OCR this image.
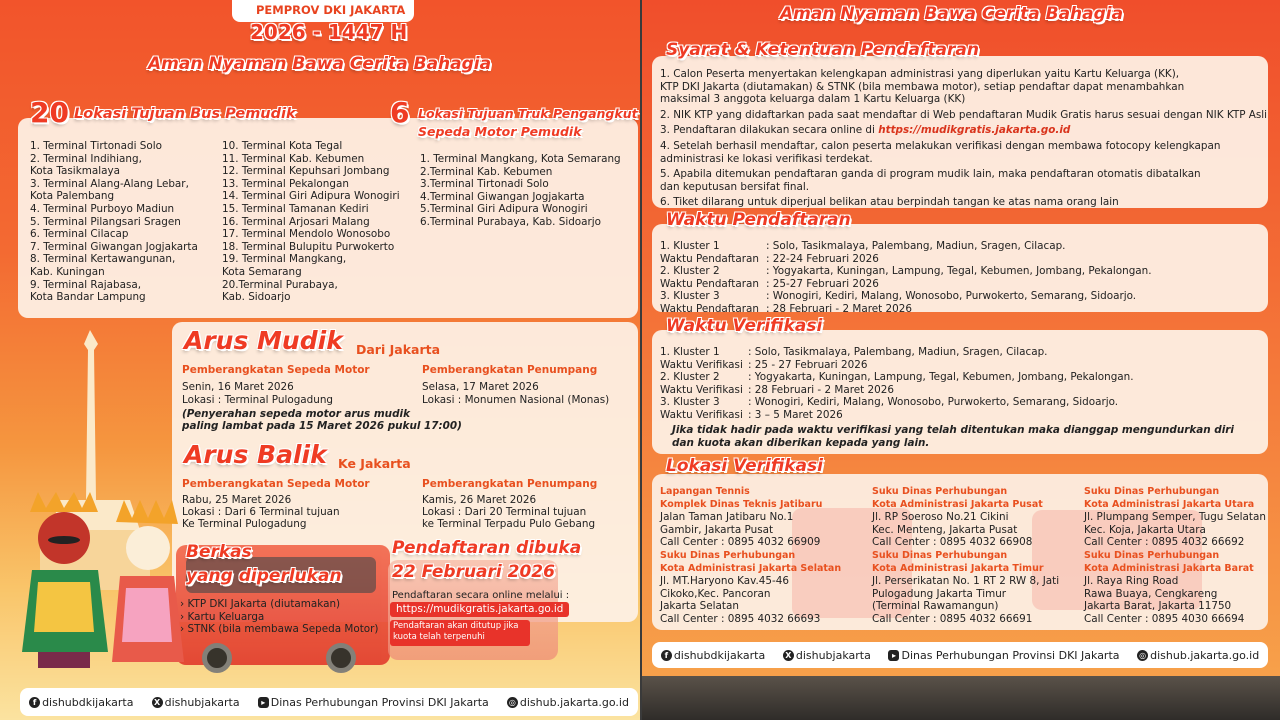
PEMPROV DKI JAKARTA
2026 - 1447 H
Aman Nyaman Bawa Cerita Bahagia
20 Lokasi Tujuan Bus Pemudik
1. Terminal Tirtonadi Solo
2. Terminal Indihiang,
Kota Tasikmalaya
3. Terminal Alang-Alang Lebar,
Kota Palembang
4. Terminal Purboyo Madiun
5. Terminal Pilangsari Sragen
6. Terminal Cilacap
7. Terminal Giwangan Jogjakarta
8. Terminal Kertawangunan,
Kab. Kuningan
9. Terminal Rajabasa,
Kota Bandar Lampung
10. Terminal Kota Tegal
11. Terminal Kab. Kebumen
12. Terminal Kepuhsari Jombang
13. Terminal Pekalongan
14. Terminal Giri Adipura Wonogiri
15. Terminal Tamanan Kediri
16. Terminal Arjosari Malang
17. Terminal Mendolo Wonosobo
18. Terminal Bulupitu Purwokerto
19. Terminal Mangkang,
Kota Semarang
20.Terminal Purabaya,
Kab. Sidoarjo
6 Lokasi Tujuan Truk Pengangkut
Sepeda Motor Pemudik
1. Terminal Mangkang, Kota Semarang
2.Terminal Kab. Kebumen
3.Terminal Tirtonadi Solo
4.Terminal Giwangan Jogjakarta
5.Terminal Giri Adipura Wonogiri
6.Terminal Purabaya, Kab. Sidoarjo
Arus Mudik Dari Jakarta
Pemberangkatan Sepeda Motor
Senin, 16 Maret 2026
Lokasi : Terminal Pulogadung
(Penyerahan sepeda motor arus mudik
paling lambat pada 15 Maret 2026 pukul 17:00)
Pemberangkatan Penumpang
Selasa, 17 Maret 2026
Lokasi : Monumen Nasional (Monas)
Arus Balik Ke Jakarta
Pemberangkatan Sepeda Motor
Rabu, 25 Maret 2026
Lokasi : Dari 6 Terminal tujuan
Ke Terminal Pulogadung
Pemberangkatan Penumpang
Kamis, 26 Maret 2026
Lokasi : Dari 20 Terminal tujuan
ke Terminal Terpadu Pulo Gebang
Berkas
yang diperlukan
› KTP DKI Jakarta (diutamakan)
› Kartu Keluarga
› STNK (bila membawa Sepeda Motor)
Pendaftaran dibuka
22 Februari 2026
Pendaftaran secara online melalui :
https://mudikgratis.jakarta.go.id
Pendaftaran akan ditutup jika
kuota telah terpenuhi
f dishubdkijakarta	X dishubjakarta	▸ Dinas Perhubungan Provinsi DKI Jakarta	◎ dishub.jakarta.go.id
Aman Nyaman Bawa Cerita Bahagia
Syarat & Ketentuan Pendaftaran
1. Calon Peserta menyertakan kelengkapan administrasi yang diperlukan yaitu Kartu Keluarga (KK),
KTP DKI Jakarta (diutamakan) & STNK (bila membawa motor), setiap pendaftar dapat menambahkan
maksimal 3 anggota keluarga dalam 1 Kartu Keluarga (KK)
2. NIK KTP yang didaftarkan pada saat mendaftar di Web pendaftaran Mudik Gratis harus sesuai dengan NIK KTP Asli
3. Pendaftaran dilakukan secara online di https://mudikgratis.jakarta.go.id
4. Setelah berhasil mendaftar, calon peserta melakukan verifikasi dengan membawa fotocopy kelengkapan
administrasi ke lokasi verifikasi terdekat.
5. Apabila ditemukan pendaftaran ganda di program mudik lain, maka pendaftaran otomatis dibatalkan
dan keputusan bersifat final.
6. Tiket dilarang untuk diperjual belikan atau berpindah tangan ke atas nama orang lain
Waktu Pendaftaran
1. Kluster 1	: Solo, Tasikmalaya, Palembang, Madiun, Sragen, Cilacap.
Waktu Pendaftaran : 22-24 Februari 2026
2. Kluster 2	: Yogyakarta, Kuningan, Lampung, Tegal, Kebumen, Jombang, Pekalongan.
Waktu Pendaftaran : 25-27 Februari 2026
3. Kluster 3	: Wonogiri, Kediri, Malang, Wonosobo, Purwokerto, Semarang, Sidoarjo.
Waktu Pendaftaran : 28 Februari - 2 Maret 2026
Waktu Verifikasi
1. Kluster 1	: Solo, Tasikmalaya, Palembang, Madiun, Sragen, Cilacap.
Waktu Verifikasi : 25 - 27 Februari 2026
2. Kluster 2	: Yogyakarta, Kuningan, Lampung, Tegal, Kebumen, Jombang, Pekalongan.
Waktu Verifikasi : 28 Februari - 2 Maret 2026
3. Kluster 3	: Wonogiri, Kediri, Malang, Wonosobo, Purwokerto, Semarang, Sidoarjo.
Waktu Verifikasi : 3 – 5 Maret 2026
Jika tidak hadir pada waktu verifikasi yang telah ditentukan maka dianggap mengundurkan diri
dan kuota akan diberikan kepada yang lain.
Lokasi Verifikasi
Lapangan Tennis
Komplek Dinas Teknis Jatibaru
Jalan Taman Jatibaru No.1
Gambir, Jakarta Pusat
Call Center : 0895 4032 66909
Suku Dinas Perhubungan
Kota Administrasi Jakarta Pusat
Jl. RP Soeroso No.21 Cikini
Kec. Menteng, Jakarta Pusat
Call Center : 0895 4032 66908
Suku Dinas Perhubungan
Kota Administrasi Jakarta Utara
Jl. Plumpang Semper, Tugu Selatan
Kec. Koja, Jakarta Utara
Call Center : 0895 4032 66692
Suku Dinas Perhubungan
Kota Administrasi Jakarta Selatan
Jl. MT.Haryono Kav.45-46
Cikoko,Kec. Pancoran
Jakarta Selatan
Call Center : 0895 4032 66693
Suku Dinas Perhubungan
Kota Administrasi Jakarta Timur
Jl. Perserikatan No. 1 RT 2 RW 8, Jati
Pulogadung Jakarta Timur
(Terminal Rawamangun)
Call Center : 0895 4032 66691
Suku Dinas Perhubungan
Kota Administrasi Jakarta Barat
Jl. Raya Ring Road
Rawa Buaya, Cengkareng
Jakarta Barat, Jakarta 11750
Call Center : 0895 4030 66694
f dishubdkijakarta	X dishubjakarta	▸ Dinas Perhubungan Provinsi DKI Jakarta ◎ dishub.jakarta.go.id
